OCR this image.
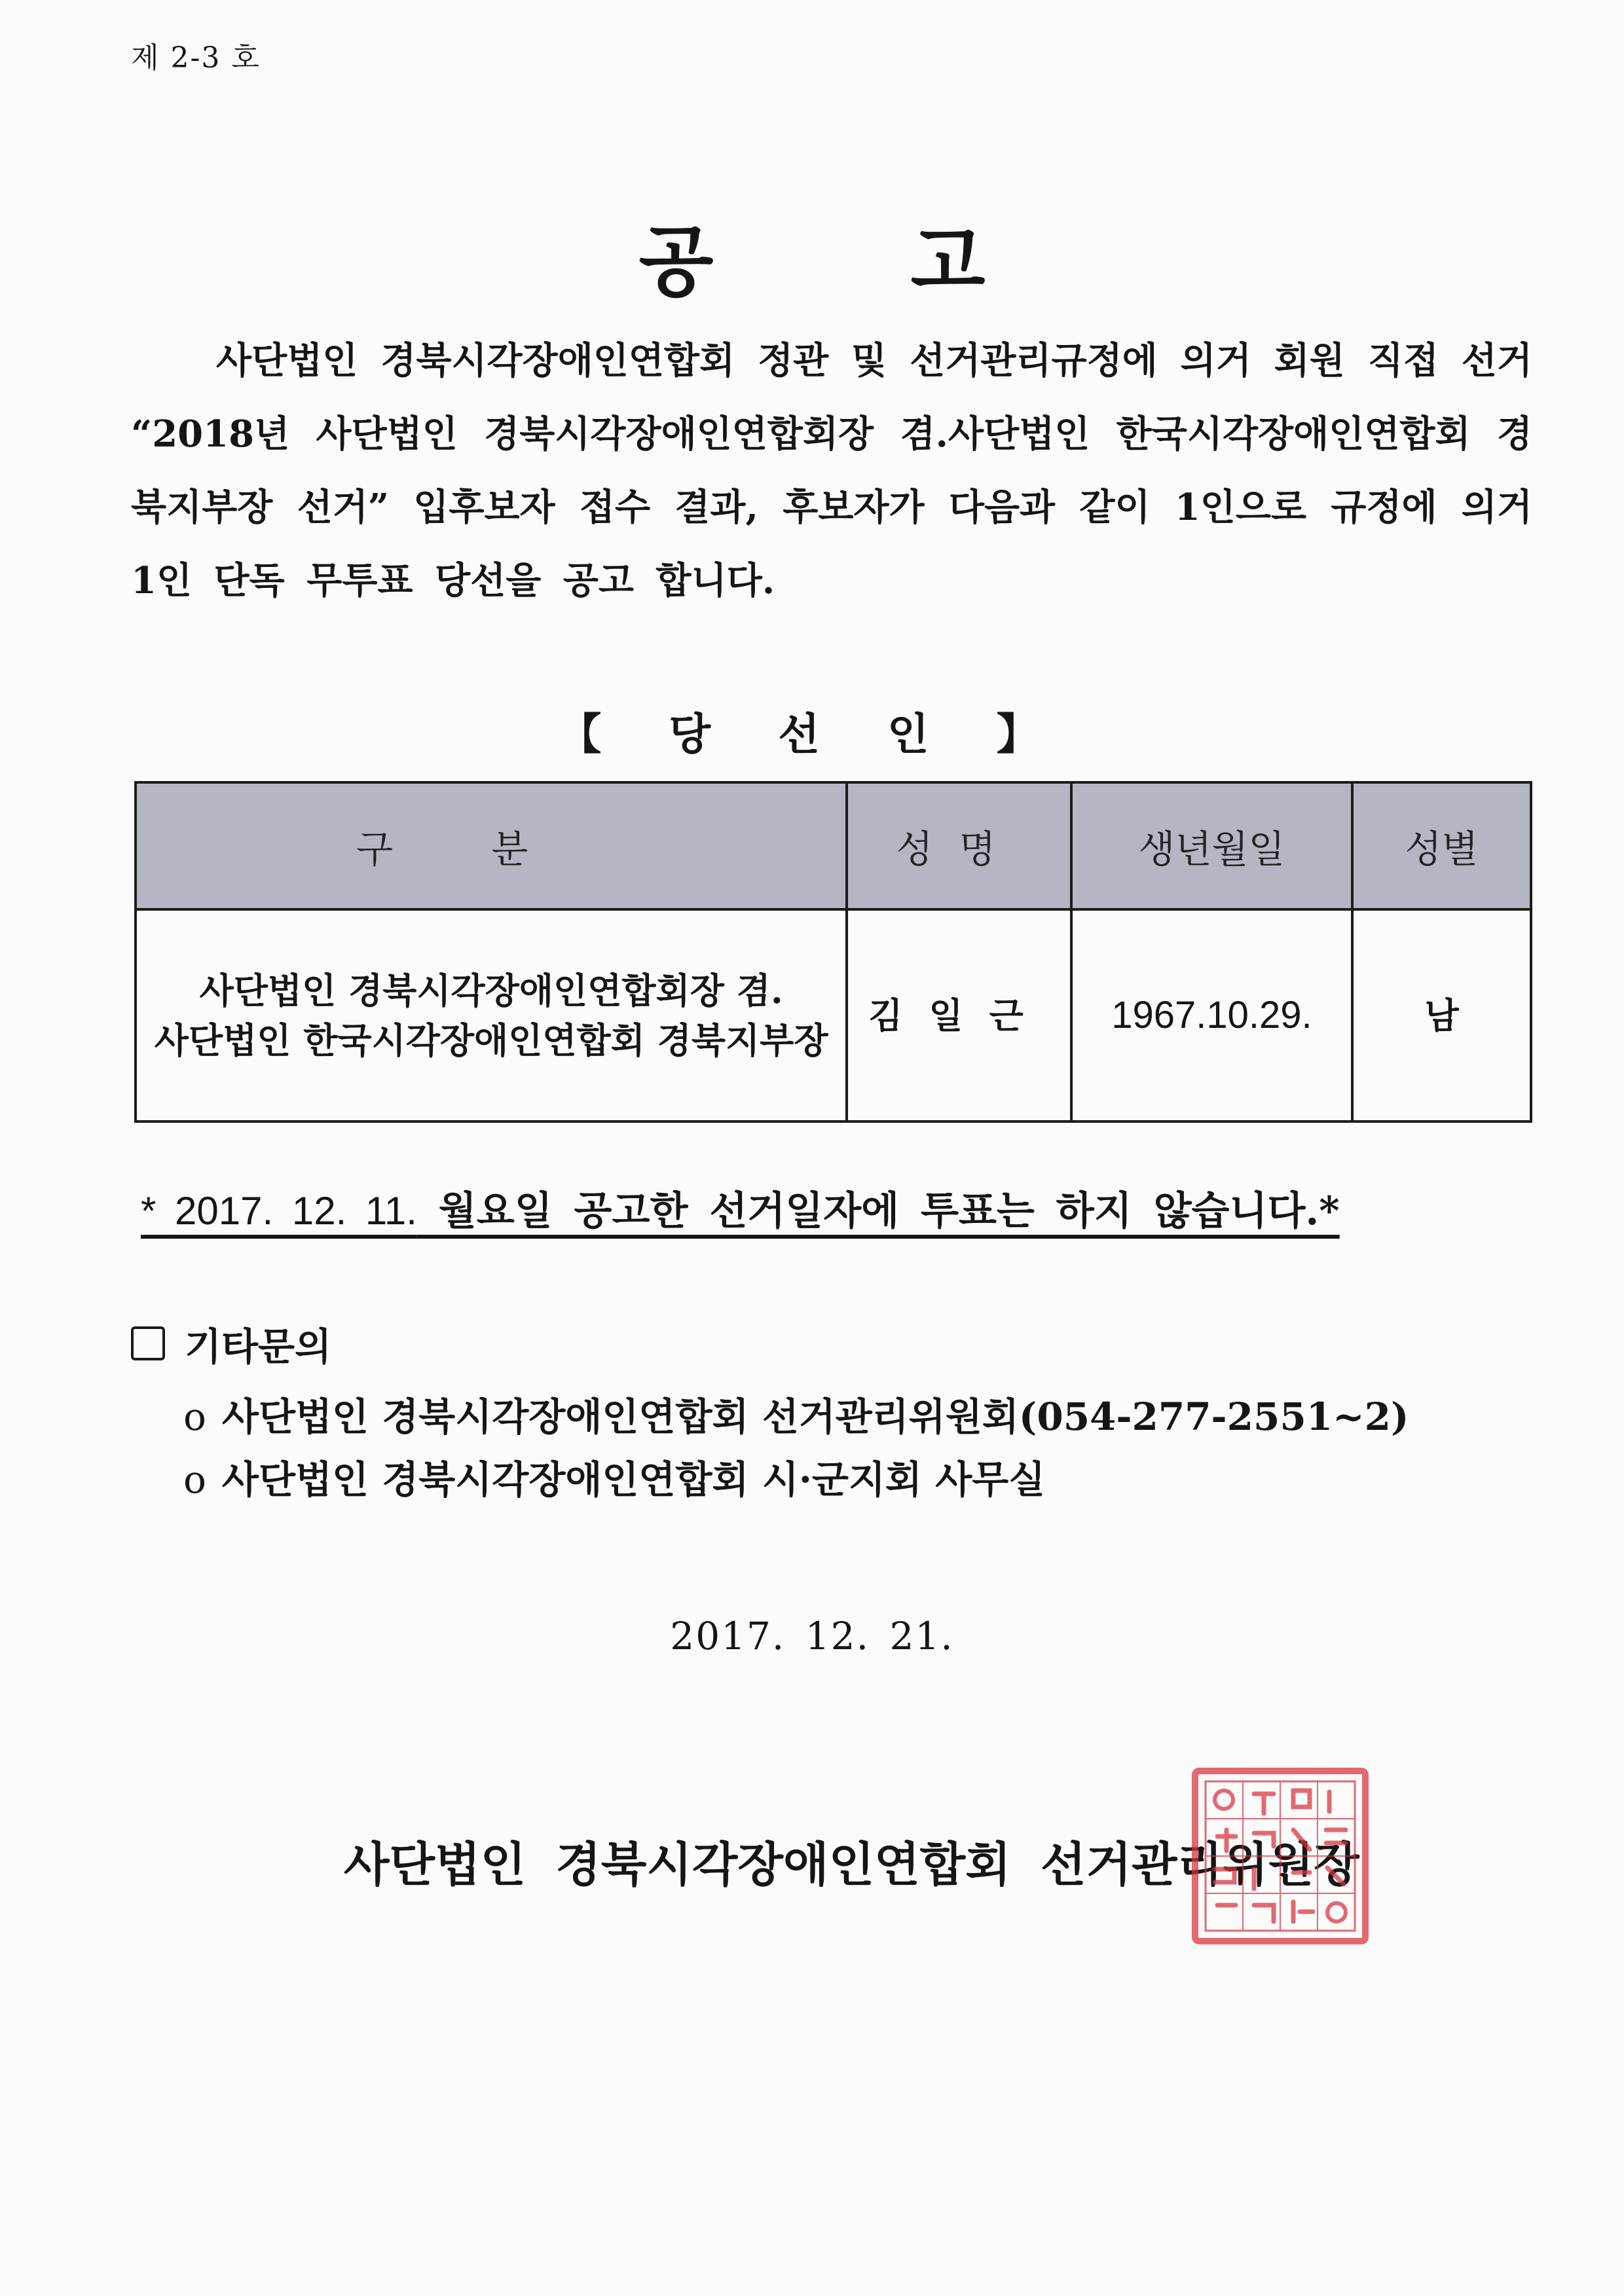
제 2-3 호
공 고

사단법인 경북시각장애인연합회 정관 및 선거관리규정에 의거 회원 직접 선거 “2018년 사단법인 경북시각장애인연합회장 겸.사단법인 한국시각장애인연합회 경북지부장 선거” 입후보자 접수 결과, 후보자가 다음과 같이 1인으로 규정에 의거 1인 단독 무투표 당선을 공고 합니다.

【 당 선 인 】
구분	성명	생년월일	성별

사단법인 경북시각장애인연합회장 겸.
사단법인 한국시각장애인연합회 경북지부장	김일근	1967.10.29.	남
* 2017. 12. 11. 월요일 공고한 선거일자에 투표는 하지 않습니다.*
기타문의
o 사단법인 경북시각장애인연합회 선거관리위원회(054-277-2551~2)
o 사단법인 경북시각장애인연합회 시·군지회 사무실
2017. 12. 21.
사단법인 경북시각장애인연합회 선거관리위원장
